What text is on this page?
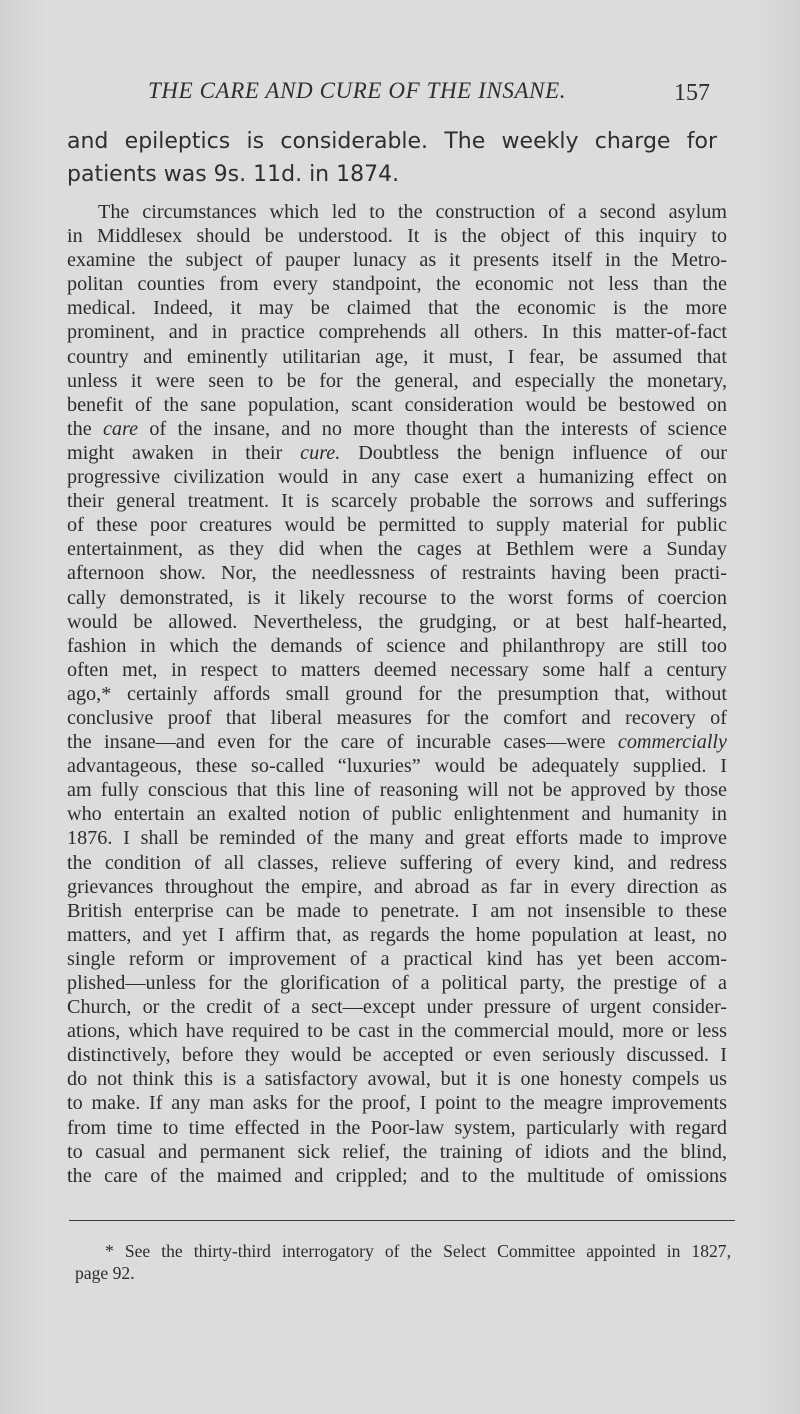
THE CARE AND CURE OF THE INSANE.	157
and epileptics is considerable. The weekly charge for
patients was 9s. 11d. in 1874.
The circumstances which led to the construction of a second asylum
in Middlesex should be understood. It is the object of this inquiry to
examine the subject of pauper lunacy as it presents itself in the Metro-
politan counties from every standpoint, the economic not less than the
medical. Indeed, it may be claimed that the economic is the more
prominent, and in practice comprehends all others. In this matter-of-fact
country and eminently utilitarian age, it must, I fear, be assumed that
unless it were seen to be for the general, and especially the monetary,
benefit of the sane population, scant consideration would be bestowed on
the care of the insane, and no more thought than the interests of science
might awaken in their cure. Doubtless the benign influence of our
progressive civilization would in any case exert a humanizing effect on
their general treatment. It is scarcely probable the sorrows and sufferings
of these poor creatures would be permitted to supply material for public
entertainment, as they did when the cages at Bethlem were a Sunday
afternoon show. Nor, the needlessness of restraints having been practi-
cally demonstrated, is it likely recourse to the worst forms of coercion
would be allowed. Nevertheless, the grudging, or at best half-hearted,
fashion in which the demands of science and philanthropy are still too
often met, in respect to matters deemed necessary some half a century
ago,* certainly affords small ground for the presumption that, without
conclusive proof that liberal measures for the comfort and recovery of
the insane—and even for the care of incurable cases—were commercially
advantageous, these so-called “luxuries” would be adequately supplied. I
am fully conscious that this line of reasoning will not be approved by those
who entertain an exalted notion of public enlightenment and humanity in
1876. I shall be reminded of the many and great efforts made to improve
the condition of all classes, relieve suffering of every kind, and redress
grievances throughout the empire, and abroad as far in every direction as
British enterprise can be made to penetrate. I am not insensible to these
matters, and yet I affirm that, as regards the home population at least, no
single reform or improvement of a practical kind has yet been accom-
plished—unless for the glorification of a political party, the prestige of a
Church, or the credit of a sect—except under pressure of urgent consider-
ations, which have required to be cast in the commercial mould, more or less
distinctively, before they would be accepted or even seriously discussed. I
do not think this is a satisfactory avowal, but it is one honesty compels us
to make. If any man asks for the proof, I point to the meagre improvements
from time to time effected in the Poor-law system, particularly with regard
to casual and permanent sick relief, the training of idiots and the blind,
the care of the maimed and crippled; and to the multitude of omissions
* See the thirty-third interrogatory of the Select Committee appointed in 1827,
page 92.
